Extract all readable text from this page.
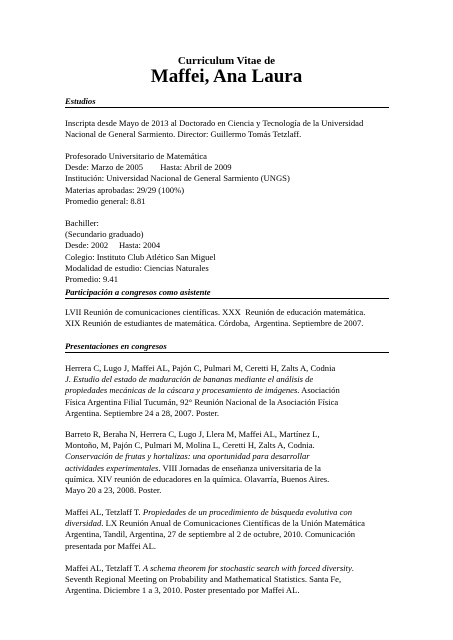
Curriculum Vitae de
Maffei, Ana Laura
Estudios
Inscripta desde Mayo de 2013 al Doctorado en Ciencia y Tecnología de la Universidad
Nacional de General Sarmiento. Director: Guillermo Tomás Tetzlaff.
Profesorado Universitario de Matemática
Desde: Marzo de 2005        Hasta: Abril de 2009
Institución: Universidad Nacional de General Sarmiento (UNGS)
Materias aprobadas: 29/29 (100%)
Promedio general: 8.81
Bachiller:
(Secundario graduado)
Desde: 2002     Hasta: 2004
Colegio: Instituto Club Atlético San Miguel
Modalidad de estudio: Ciencias Naturales
Promedio: 9.41
Participación a congresos como asistente
LVII Reunión de comunicaciones científicas. XXX  Reunión de educación matemática.
XIX Reunión de estudiantes de matemática. Córdoba,  Argentina. Septiembre de 2007.
Presentaciones en congresos
Herrera C, Lugo J, Maffei AL, Pajón C, Pulmari M, Ceretti H, Zalts A, Codnia
J. Estudio del estado de maduración de bananas mediante el análisis de
propiedades mecánicas de la cáscara y procesamiento de imágenes. Asociación
Física Argentina Filial Tucumán, 92° Reunión Nacional de la Asociación Física
Argentina. Septiembre 24 a 28, 2007. Poster.
Barreto R, Beraha N, Herrera C, Lugo J, Llera M, Maffei AL, Martínez L,
Montoño, M, Pajón C, Pulmari M, Molina L, Ceretti H, Zalts A, Codnia.
Conservación de frutas y hortalizas: una oportunidad para desarrollar
actividades experimentales. VIII Jornadas de enseñanza universitaria de la
química. XIV reunión de educadores en la química. Olavarría, Buenos Aires.
Mayo 20 a 23, 2008. Poster.
Maffei AL, Tetzlaff T. Propiedades de un procedimiento de búsqueda evolutiva con
diversidad. LX Reunión Anual de Comunicaciones Científicas de la Unión Matemática
Argentina, Tandil, Argentina, 27 de septiembre al 2 de octubre, 2010. Comunicación
presentada por Maffei AL.
Maffei AL, Tetzlaff T. A schema theorem for stochastic search with forced diversity.
Seventh Regional Meeting on Probability and Mathematical Statistics. Santa Fe,
Argentina. Diciembre 1 a 3, 2010. Poster presentado por Maffei AL.
